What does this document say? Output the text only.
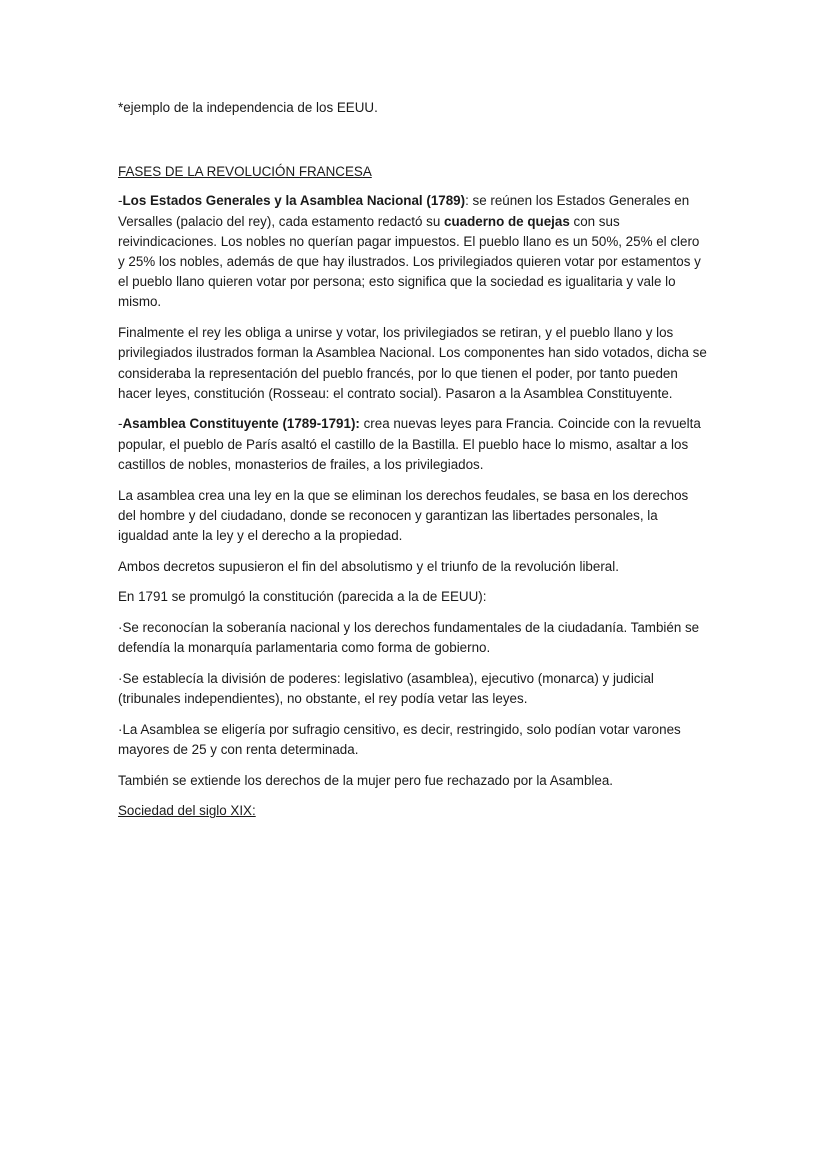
*ejemplo de la independencia de los EEUU.

FASES DE LA REVOLUCIÓN FRANCESA

-Los Estados Generales y la Asamblea Nacional (1789): se reúnen los Estados Generales en Versalles (palacio del rey), cada estamento redactó su cuaderno de quejas con sus reivindicaciones. Los nobles no querían pagar impuestos. El pueblo llano es un 50%, 25% el clero y 25% los nobles, además de que hay ilustrados. Los privilegiados quieren votar por estamentos y el pueblo llano quieren votar por persona; esto significa que la sociedad es igualitaria y vale lo mismo.

Finalmente el rey les obliga a unirse y votar, los privilegiados se retiran, y el pueblo llano y los privilegiados ilustrados forman la Asamblea Nacional. Los componentes han sido votados, dicha se consideraba la representación del pueblo francés, por lo que tienen el poder, por tanto pueden hacer leyes, constitución (Rosseau: el contrato social). Pasaron a la Asamblea Constituyente.

-Asamblea Constituyente (1789-1791): crea nuevas leyes para Francia. Coincide con la revuelta popular, el pueblo de París asaltó el castillo de la Bastilla. El pueblo hace lo mismo, asaltar a los castillos de nobles, monasterios de frailes, a los privilegiados.

La asamblea crea una ley en la que se eliminan los derechos feudales, se basa en los derechos del hombre y del ciudadano, donde se reconocen y garantizan las libertades personales, la igualdad ante la ley y el derecho a la propiedad.

Ambos decretos supusieron el fin del absolutismo y el triunfo de la revolución liberal.

En 1791 se promulgó la constitución (parecida a la de EEUU):

·Se reconocían la soberanía nacional y los derechos fundamentales de la ciudadanía. También se defendía la monarquía parlamentaria como forma de gobierno.

·Se establecía la división de poderes: legislativo (asamblea), ejecutivo (monarca) y judicial (tribunales independientes), no obstante, el rey podía vetar las leyes.

·La Asamblea se eligería por sufragio censitivo, es decir, restringido, solo podían votar varones mayores de 25 y con renta determinada.

También se extiende los derechos de la mujer pero fue rechazado por la Asamblea.

Sociedad del siglo XIX:
